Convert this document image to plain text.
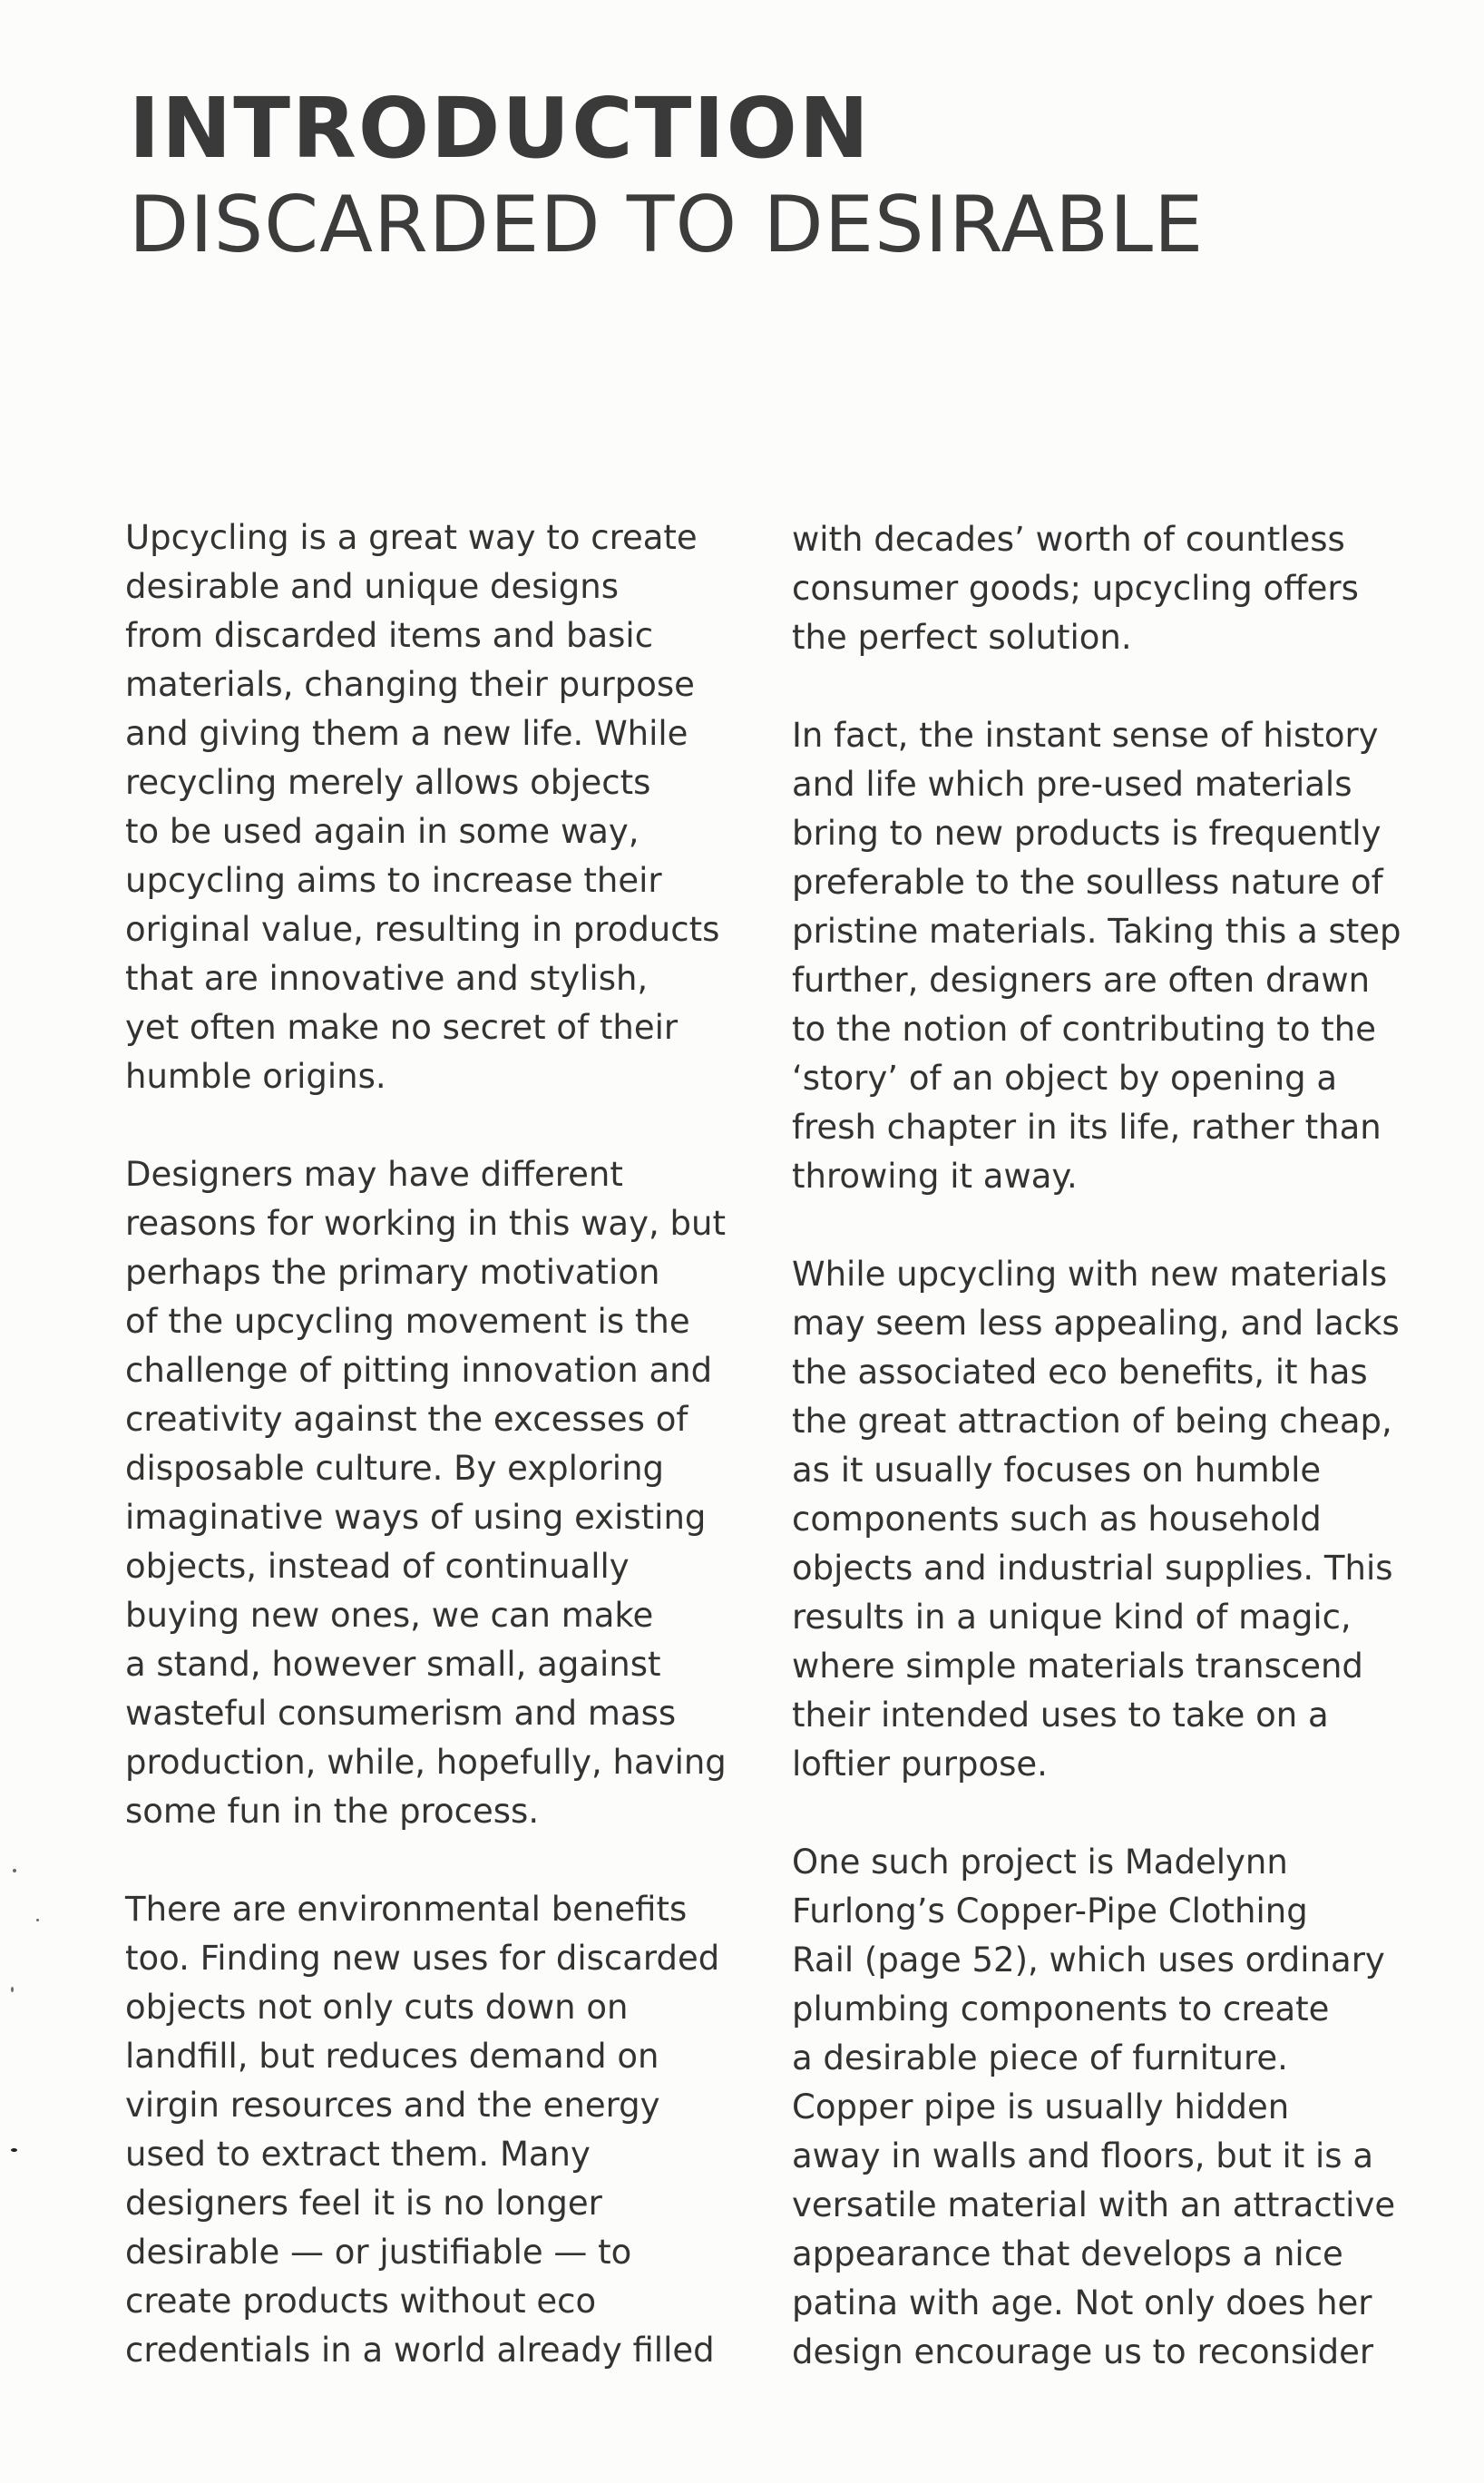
INTRODUCTION
DISCARDED TO DESIRABLE
Upcycling is a great way to create
desirable and unique designs
from discarded items and basic
materials, changing their purpose
and giving them a new life. While
recycling merely allows objects
to be used again in some way,
upcycling aims to increase their
original value, resulting in products
that are innovative and stylish,
yet often make no secret of their
humble origins.
Designers may have different
reasons for working in this way, but
perhaps the primary motivation
of the upcycling movement is the
challenge of pitting innovation and
creativity against the excesses of
disposable culture. By exploring
imaginative ways of using existing
objects, instead of continually
buying new ones, we can make
a stand, however small, against
wasteful consumerism and mass
production, while, hopefully, having
some fun in the process.
There are environmental benefits
too. Finding new uses for discarded
objects not only cuts down on
landfill, but reduces demand on
virgin resources and the energy
used to extract them. Many
designers feel it is no longer
desirable — or justifiable — to
create products without eco
credentials in a world already filled
with decades’ worth of countless
consumer goods; upcycling offers
the perfect solution.
In fact, the instant sense of history
and life which pre-used materials
bring to new products is frequently
preferable to the soulless nature of
pristine materials. Taking this a step
further, designers are often drawn
to the notion of contributing to the
‘story’ of an object by opening a
fresh chapter in its life, rather than
throwing it away.
While upcycling with new materials
may seem less appealing, and lacks
the associated eco benefits, it has
the great attraction of being cheap,
as it usually focuses on humble
components such as household
objects and industrial supplies. This
results in a unique kind of magic,
where simple materials transcend
their intended uses to take on a
loftier purpose.
One such project is Madelynn
Furlong’s Copper-Pipe Clothing
Rail (page 52), which uses ordinary
plumbing components to create
a desirable piece of furniture.
Copper pipe is usually hidden
away in walls and floors, but it is a
versatile material with an attractive
appearance that develops a nice
patina with age. Not only does her
design encourage us to reconsider
